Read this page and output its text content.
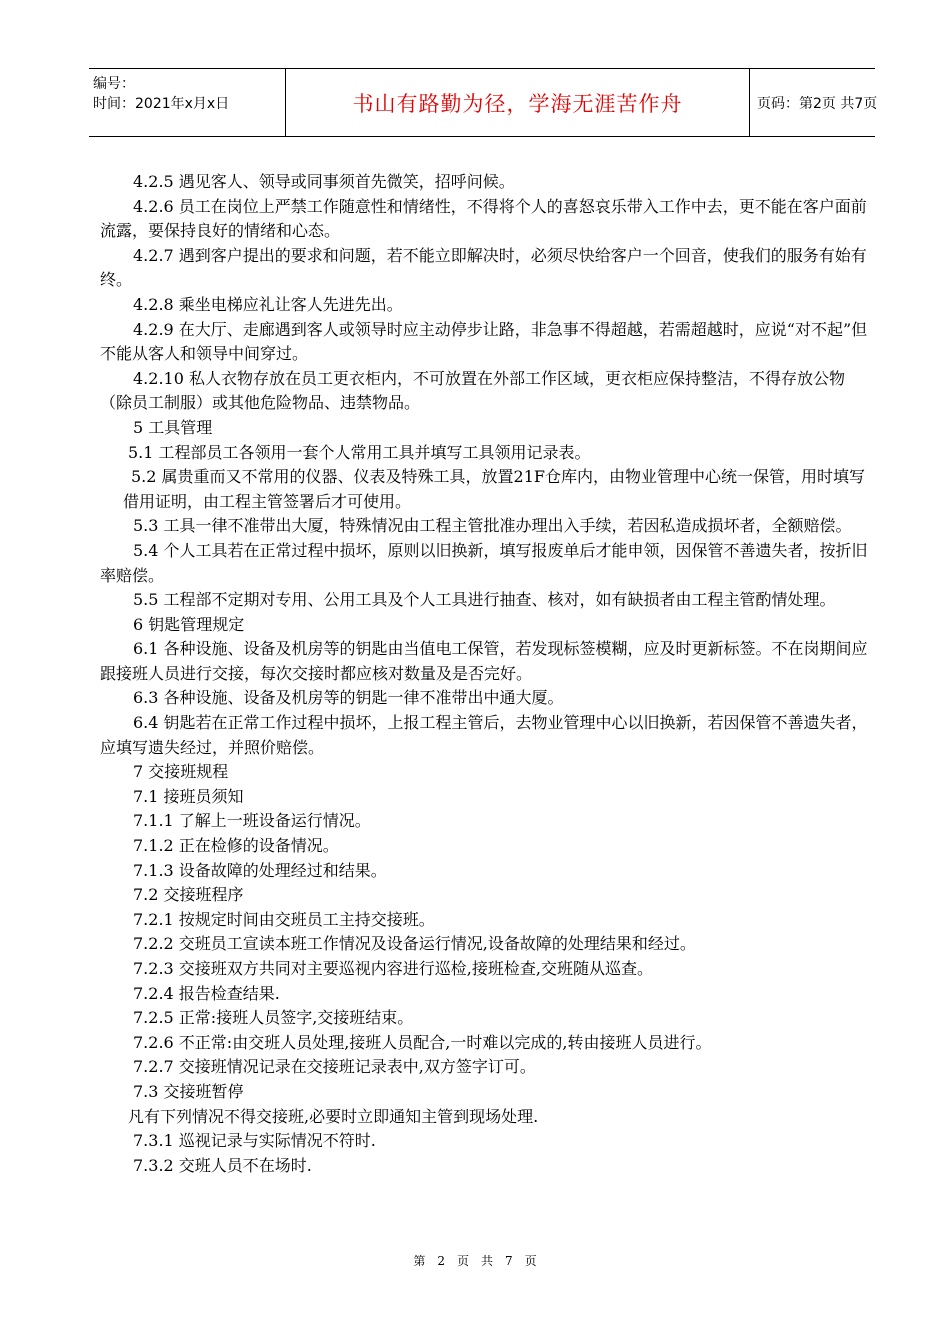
编号：
时间：2021年x月x日	书山有路勤为径，学海无涯苦作舟	页码：第2页 共7页

4.2.5 遇见客人、领导或同事须首先微笑，招呼问候。

4.2.6 员工在岗位上严禁工作随意性和情绪性，不得将个人的喜怒哀乐带入工作中去，更不能在客户面前流露，要保持良好的情绪和心态。

4.2.7 遇到客户提出的要求和问题，若不能立即解决时，必须尽快给客户一个回音，使我们的服务有始有终。

4.2.8 乘坐电梯应礼让客人先进先出。

4.2.9 在大厅、走廊遇到客人或领导时应主动停步让路，非急事不得超越，若需超越时，应说“对不起”但不能从客人和领导中间穿过。

4.2.10 私人衣物存放在员工更衣柜内，不可放置在外部工作区域，更衣柜应保持整洁，不得存放公物（除员工制服）或其他危险物品、违禁物品。

5 工具管理

5.1 工程部员工各领用一套个人常用工具并填写工具领用记录表。

5.2 属贵重而又不常用的仪器、仪表及特殊工具，放置21F仓库内，由物业管理中心统一保管，用时填写借用证明，由工程主管签署后才可使用。

5.3 工具一律不准带出大厦，特殊情况由工程主管批准办理出入手续，若因私造成损坏者，全额赔偿。

5.4 个人工具若在正常过程中损坏，原则以旧换新，填写报废单后才能申领，因保管不善遗失者，按折旧率赔偿。

5.5 工程部不定期对专用、公用工具及个人工具进行抽查、核对，如有缺损者由工程主管酌情处理。

6 钥匙管理规定

6.1 各种设施、设备及机房等的钥匙由当值电工保管，若发现标签模糊，应及时更新标签。不在岗期间应跟接班人员进行交接，每次交接时都应核对数量及是否完好。

6.3 各种设施、设备及机房等的钥匙一律不准带出中通大厦。

6.4 钥匙若在正常工作过程中损坏，上报工程主管后，去物业管理中心以旧换新，若因保管不善遗失者，应填写遗失经过，并照价赔偿。

7 交接班规程

7.1 接班员须知

7.1.1 了解上一班设备运行情况。

7.1.2 正在检修的设备情况。

7.1.3 设备故障的处理经过和结果。

7.2 交接班程序

7.2.1 按规定时间由交班员工主持交接班。

7.2.2 交班员工宣读本班工作情况及设备运行情况,设备故障的处理结果和经过。

7.2.3 交接班双方共同对主要巡视内容进行巡检,接班检查,交班随从巡查。

7.2.4 报告检查结果.

7.2.5 正常:接班人员签字,交接班结束。

7.2.6 不正常:由交班人员处理,接班人员配合,一时难以完成的,转由接班人员进行。

7.2.7 交接班情况记录在交接班记录表中,双方签字订可。

7.3 交接班暂停

凡有下列情况不得交接班,必要时立即通知主管到现场处理.

7.3.1 巡视记录与实际情况不符时.

7.3.2 交班人员不在场时.

第 2 页 共 7 页
